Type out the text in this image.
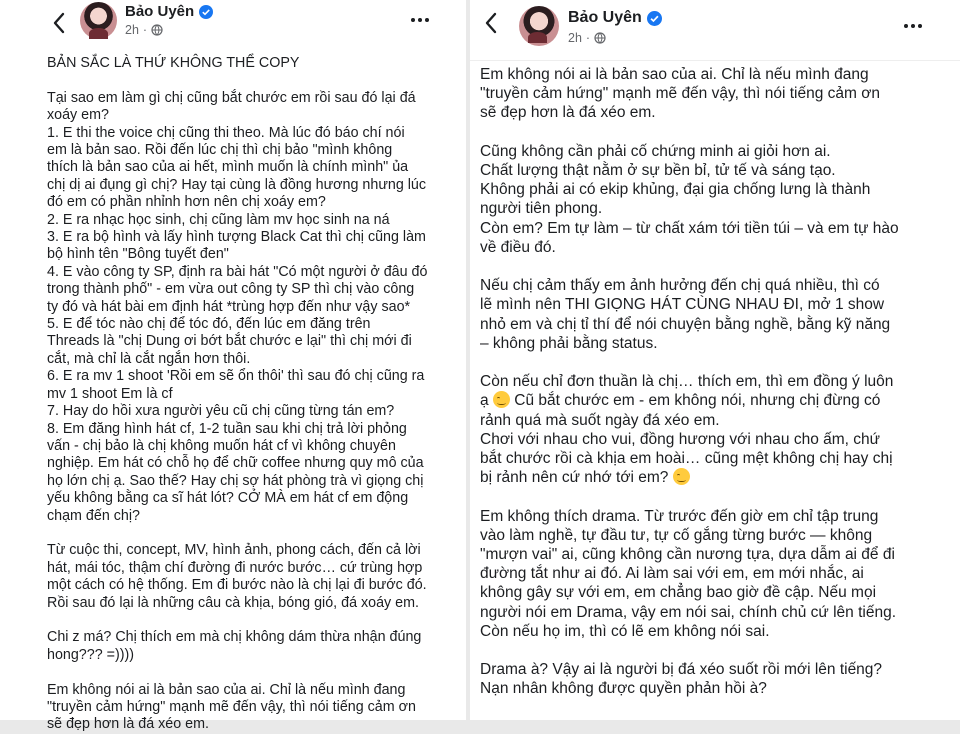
Bảo Uyên
2h ·

BẢN SẮC LÀ THỨ KHÔNG THỂ COPY

Tại sao em làm gì chị cũng bắt chước em rồi sau đó lại đá

xoáy em?

1. E thi the voice chị cũng thi theo. Mà lúc đó báo chí nói

em là bản sao. Rồi đến lúc chị thì chị bảo "mình không

thích là bản sao của ai hết, mình muốn là chính mình" ủa

chị dị ai đụng gì chị? Hay tại cùng là đồng hương nhưng lúc

đó em có phần nhỉnh hơn nên chị xoáy em?

2. E ra nhạc học sinh, chị cũng làm mv học sinh na ná

3. E ra bộ hình và lấy hình tượng Black Cat thì chị cũng làm

bộ hình tên "Bông tuyết đen"

4. E vào công ty SP, định ra bài hát "Có một người ở đâu đó

trong thành phố" - em vừa out công ty SP thì chị vào công

ty đó và hát bài em định hát *trùng hợp đến như vậy sao*

5. E để tóc nào chị để tóc đó, đến lúc em đăng trên

Threads là "chị Dung ơi bớt bắt chước e lại" thì chị mới đi

cắt, mà chỉ là cắt ngắn hơn thôi.

6. E ra mv 1 shoot 'Rồi em sẽ ổn thôi' thì sau đó chị cũng ra

mv 1 shoot Em là cf

7. Hay do hồi xưa người yêu cũ chị cũng từng tán em?

8. Em đăng hình hát cf, 1-2 tuần sau khi chị trả lời phỏng

vấn - chị bảo là chị không muốn hát cf vì không chuyên

nghiệp. Em hát có chỗ họ để chữ coffee nhưng quy mô của

họ lớn chị ạ. Sao thế? Hay chị sợ hát phòng trà vì giọng chị

yếu không bằng ca sĩ hát lót? CỞ MÀ em hát cf em động

chạm đến chị?

Từ cuộc thi, concept, MV, hình ảnh, phong cách, đến cả lời

hát, mái tóc, thậm chí đường đi nước bước… cứ trùng hợp

một cách có hệ thống. Em đi bước nào là chị lại đi bước đó.

Rồi sau đó lại là những câu cà khịa, bóng gió, đá xoáy em.

Chi z má? Chị thích em mà chị không dám thừa nhận đúng

hong??? =))))

Em không nói ai là bản sao của ai. Chỉ là nếu mình đang

"truyền cảm hứng" mạnh mẽ đến vậy, thì nói tiếng cảm ơn

sẽ đẹp hơn là đá xéo em.

Bảo Uyên
2h ·

Em không nói ai là bản sao của ai. Chỉ là nếu mình đang

"truyền cảm hứng" mạnh mẽ đến vậy, thì nói tiếng cảm ơn

sẽ đẹp hơn là đá xéo em.

Cũng không cần phải cố chứng minh ai giỏi hơn ai.

Chất lượng thật nằm ở sự bền bỉ, tử tế và sáng tạo.

Không phải ai có ekip khủng, đại gia chống lưng là thành

người tiên phong.

Còn em? Em tự làm – từ chất xám tới tiền túi – và em tự hào

về điều đó.

Nếu chị cảm thấy em ảnh hưởng đến chị quá nhiều, thì có

lẽ mình nên THI GIỌNG HÁT CÙNG NHAU ĐI, mở 1 show

nhỏ em và chị tỉ thí để nói chuyện bằng nghề, bằng kỹ năng

– không phải bằng status.

Còn nếu chỉ đơn thuần là chị… thích em, thì em đồng ý luôn

ạ  Cũ bắt chước em - em không nói, nhưng chị đừng có

rảnh quá mà suốt ngày đá xéo em.

Chơi với nhau cho vui, đồng hương với nhau cho ấm, chứ

bắt chước rồi cà khịa em hoài… cũng mệt không chị hay chị

bị rảnh nên cứ nhớ tới em?

Em không thích drama. Từ trước đến giờ em chỉ tập trung

vào làm nghề, tự đầu tư, tự cố gắng từng bước — không

"mượn vai" ai, cũng không cần nương tựa, dựa dẫm ai để đi

đường tắt như ai đó. Ai làm sai với em, em mới nhắc, ai

không gây sự với em, em chẳng bao giờ đề cập. Nếu mọi

người nói em Drama, vậy em nói sai, chính chủ cứ lên tiếng.

Còn nếu họ im, thì có lẽ em không nói sai.

Drama à? Vậy ai là người bị đá xéo suốt rồi mới lên tiếng?

Nạn nhân không được quyền phản hồi à?
